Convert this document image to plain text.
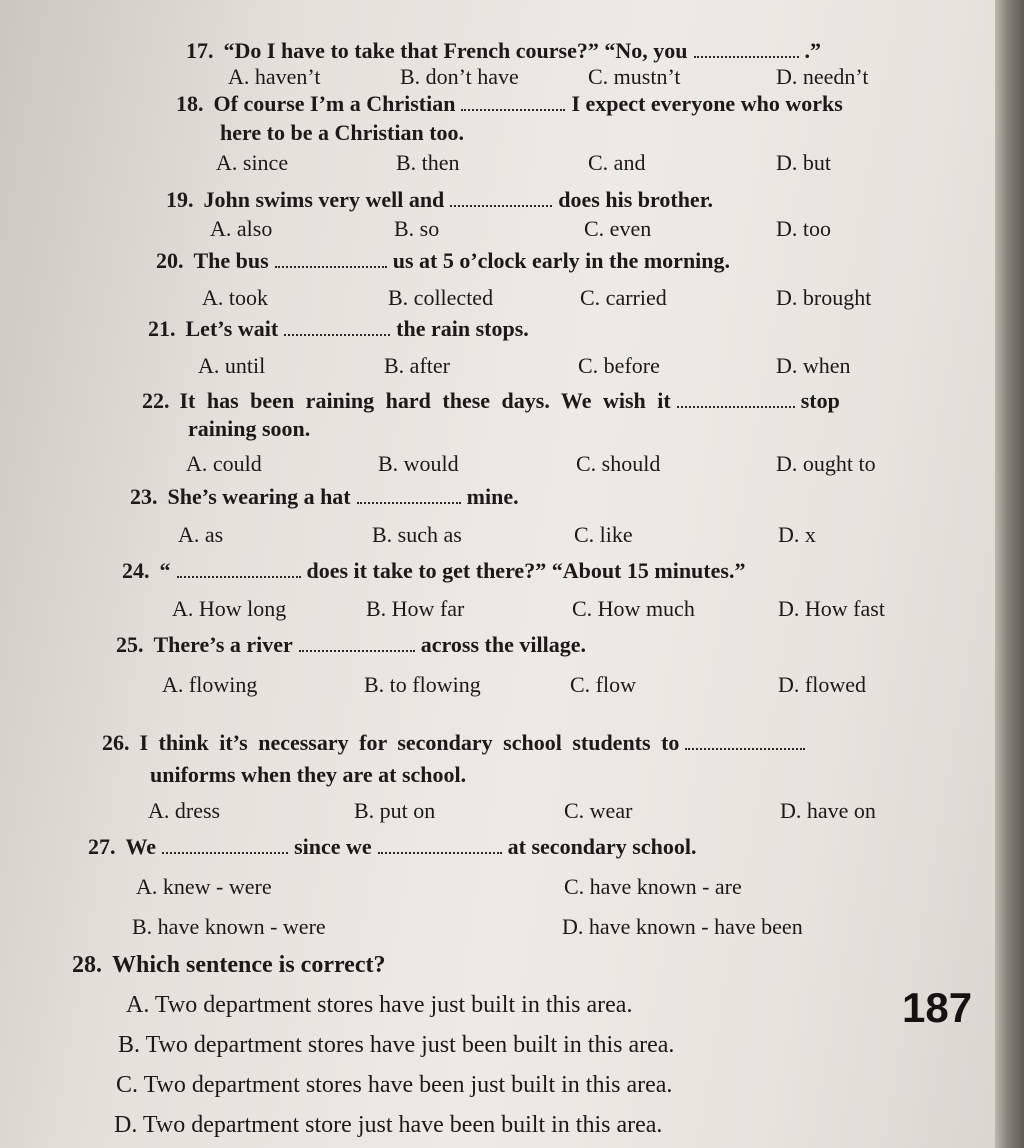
17. “Do I have to take that French course?” “No, you	.”
A. haven’t	B. don’t have	C. mustn’t	D. needn’t
18. Of course I’m a Christian	I expect everyone who works
here to be a Christian too.
A. since	B. then	C. and	D. but
19. John swims very well and	does his brother.
A. also	B. so	C. even	D. too
20. The bus	us at 5 o’clock early in the morning.
A. took	B. collected	C. carried	D. brought
21. Let’s wait	the rain stops.
A. until	B. after	C. before	D. when
22. It has been raining hard these days. We wish it	stop
raining soon.
A. could	B. would	C. should	D. ought to
23. She’s wearing a hat	mine.
A. as	B. such as	C. like	D. x
24. “	does it take to get there?” “About 15 minutes.”
A. How long	B. How far	C. How much	D. How fast
25. There’s a river	across the village.
A. flowing	B. to flowing	C. flow	D. flowed
26. I think it’s necessary for secondary school students to
uniforms when they are at school.
A. dress	B. put on	C. wear	D. have on
27. We	since we	at secondary school.
A. knew - were	C. have known - are
B. have known - were	D. have known - have been
28. Which sentence is correct?
A. Two department stores have just built in this area.
B. Two department stores have just been built in this area.
C. Two department stores have been just built in this area.
D. Two department store just have been built in this area.
187
